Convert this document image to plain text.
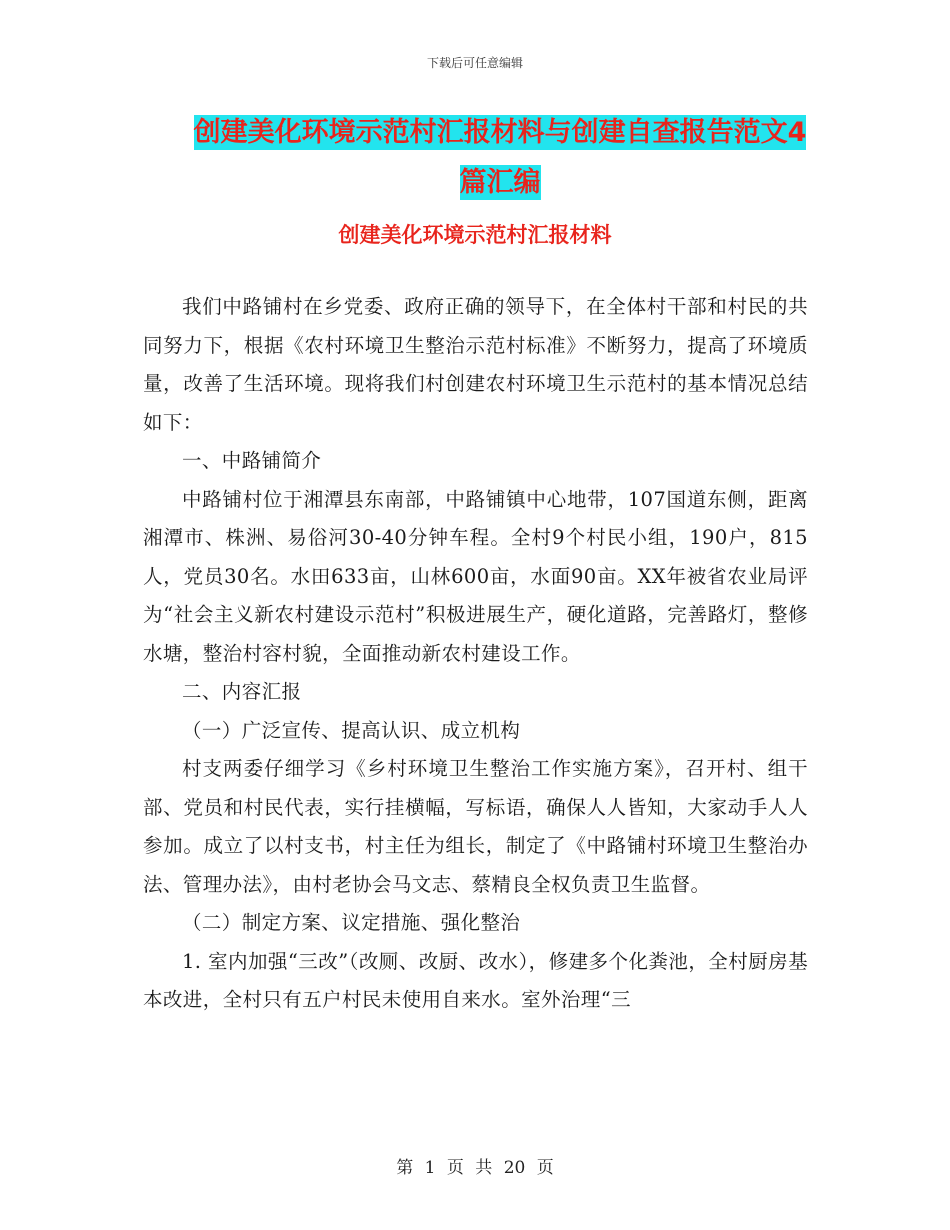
下载后可任意编辑
创建美化环境示范村汇报材料与创建自查报告范文4
篇汇编
创建美化环境示范村汇报材料

我们中路铺村在乡党委、政府正确的领导下，在全体村干部和村民的共同努力下，根据《农村环境卫生整治示范村标准》不断努力，提高了环境质量，改善了生活环境。现将我们村创建农村环境卫生示范村的基本情况总结如下：

一、中路铺简介

中路铺村位于湘潭县东南部，中路铺镇中心地带，107国道东侧，距离湘潭市、株洲、易俗河30-40分钟车程。全村9个村民小组，190户，815人，党员30名。水田633亩，山林600亩，水面90亩。XX年被省农业局评为“社会主义新农村建设示范村”积极进展生产，硬化道路，完善路灯，整修水塘，整治村容村貌，全面推动新农村建设工作。

二、内容汇报

（一）广泛宣传、提高认识、成立机构

村支两委仔细学习《乡村环境卫生整治工作实施方案》，召开村、组干部、党员和村民代表，实行挂横幅，写标语，确保人人皆知，大家动手人人参加。成立了以村支书，村主任为组长，制定了《中路铺村环境卫生整治办法、管理办法》，由村老协会马文志、蔡精良全权负责卫生监督。

（二）制定方案、议定措施、强化整治

1. 室内加强“三改”（改厕、改厨、改水），修建多个化粪池，全村厨房基本改进，全村只有五户村民未使用自来水。室外治理“三

第 1 页 共 20 页
